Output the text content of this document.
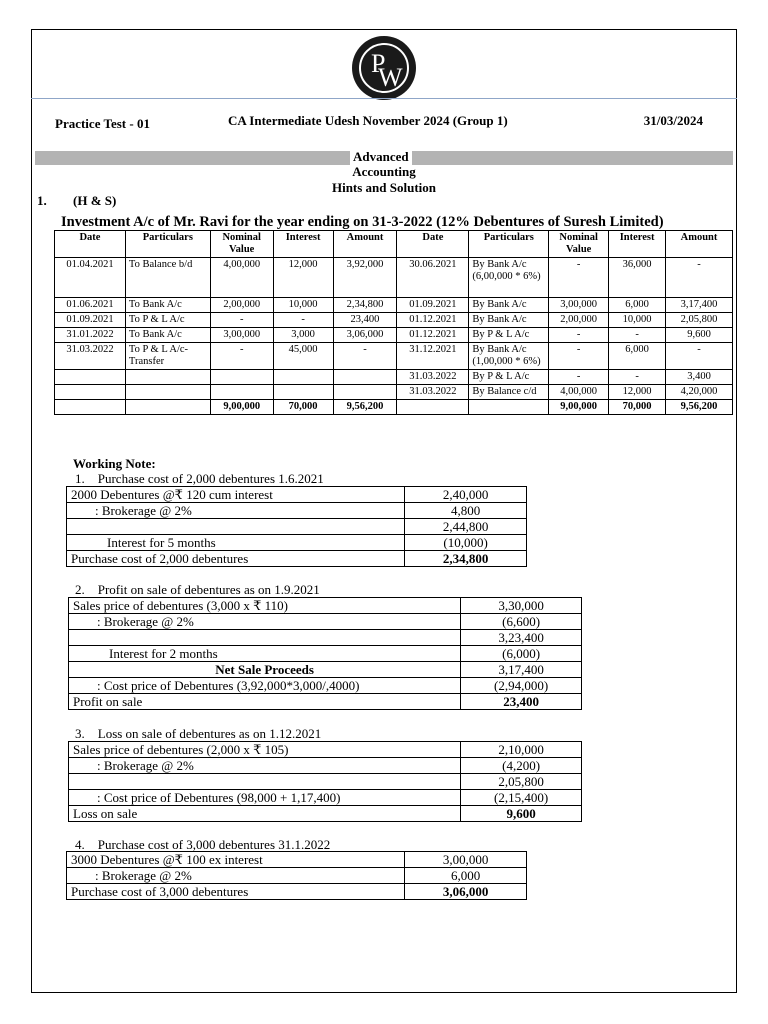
P
W
Practice Test - 01	CA Intermediate Udesh November 2024 (Group 1)	31/03/2024
Advanced
Accounting
Hints and Solution
1. (H & S)
Investment A/c of Mr. Ravi for the year ending on 31-3-2022 (12% Debentures of Suresh Limited)
Date	Particulars	Nominal Value	Interest	Amount	Date	Particulars	Nominal Value	Interest	Amount
01.04.2021	To Balance b/d	4,00,000	12,000	3,92,000	30.06.2021	By Bank A/c (6,00,000 * 6%)	-	36,000	-
01.06.2021	To Bank A/c	2,00,000	10,000	2,34,800	01.09.2021	By Bank A/c	3,00,000	6,000	3,17,400
01.09.2021	To P & L A/c	-	-	23,400	01.12.2021	By Bank A/c	2,00,000	10,000	2,05,800
31.01.2022	To Bank A/c	3,00,000	3,000	3,06,000	01.12.2021	By P & L A/c	-	-	9,600
31.03.2022	To P & L A/c-Transfer	-	45,000	-	31.12.2021	By Bank A/c (1,00,000 * 6%)	-	6,000	-
					31.03.2022	By P & L A/c	-	-	3,400
					31.03.2022	By Balance c/d	4,00,000	12,000	4,20,000
		9,00,000	70,000	9,56,200			9,00,000	70,000	9,56,200
Working Note:
1.    Purchase cost of 2,000 debentures 1.6.2021
2000 Debentures @₹ 120 cum interest	2,40,000
: Brokerage @ 2%	4,800
	2,44,800
Interest for 5 months	(10,000)
Purchase cost of 2,000 debentures	2,34,800
2.    Profit on sale of debentures as on 1.9.2021
Sales price of debentures (3,000 x ₹ 110)	3,30,000
: Brokerage @ 2%	(6,600)
	3,23,400
Interest for 2 months	(6,000)
Net Sale Proceeds	3,17,400
: Cost price of Debentures (3,92,000*3,000/,4000)	(2,94,000)
Profit on sale	23,400
3.    Loss on sale of debentures as on 1.12.2021
Sales price of debentures (2,000 x ₹ 105)	2,10,000
: Brokerage @ 2%	(4,200)
	2,05,800
: Cost price of Debentures (98,000 + 1,17,400)	(2,15,400)
Loss on sale	9,600
4.    Purchase cost of 3,000 debentures 31.1.2022
3000 Debentures @₹ 100 ex interest	3,00,000
: Brokerage @ 2%	6,000
Purchase cost of 3,000 debentures	3,06,000
